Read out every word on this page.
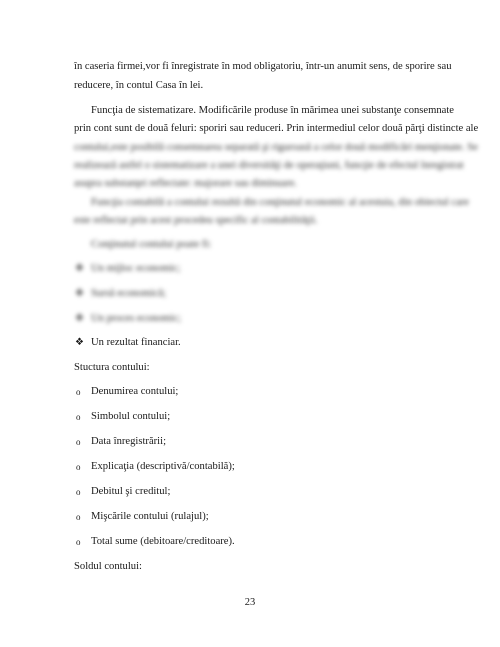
în caseria firmei,vor fi înregistrate în mod obligatoriu, într-un anumit sens, de sporire sau
reducere, în contul Casa în lei.
Funcţia de sistematizare. Modificările produse în mărimea unei substanţe consemnate
prin cont sunt de două feluri: sporiri sau reduceri. Prin intermediul celor două părţi distincte ale
contului,este posibilă consemnarea separată şi riguroasă a celor două modificări menţionate. Se
realizează astfel o sistematizare a unei diversităţi de operaţiuni, funcţie de efectul înregistrat
asupra substanţei reflectate: majorare sau diminuare.
Funcţia contabilă a contului rezultă din conţinutul economic al acestuia, din obiectul care
este reflectat prin acest procedeu specific al contabilităţii.
Conţinutul contului poate fi:
❖ Un mijloc economic;
❖ Sursă economică;
❖ Un proces economic;
❖ Un rezultat financiar.
Stuctura contului:
o Denumirea contului;
o Simbolul contului;
o Data înregistrării;
o Explicaţia (descriptivă/contabilă);
o Debitul şi creditul;
o Mişcările contului (rulajul);
o Total sume (debitoare/creditoare).
Soldul contului:
23
